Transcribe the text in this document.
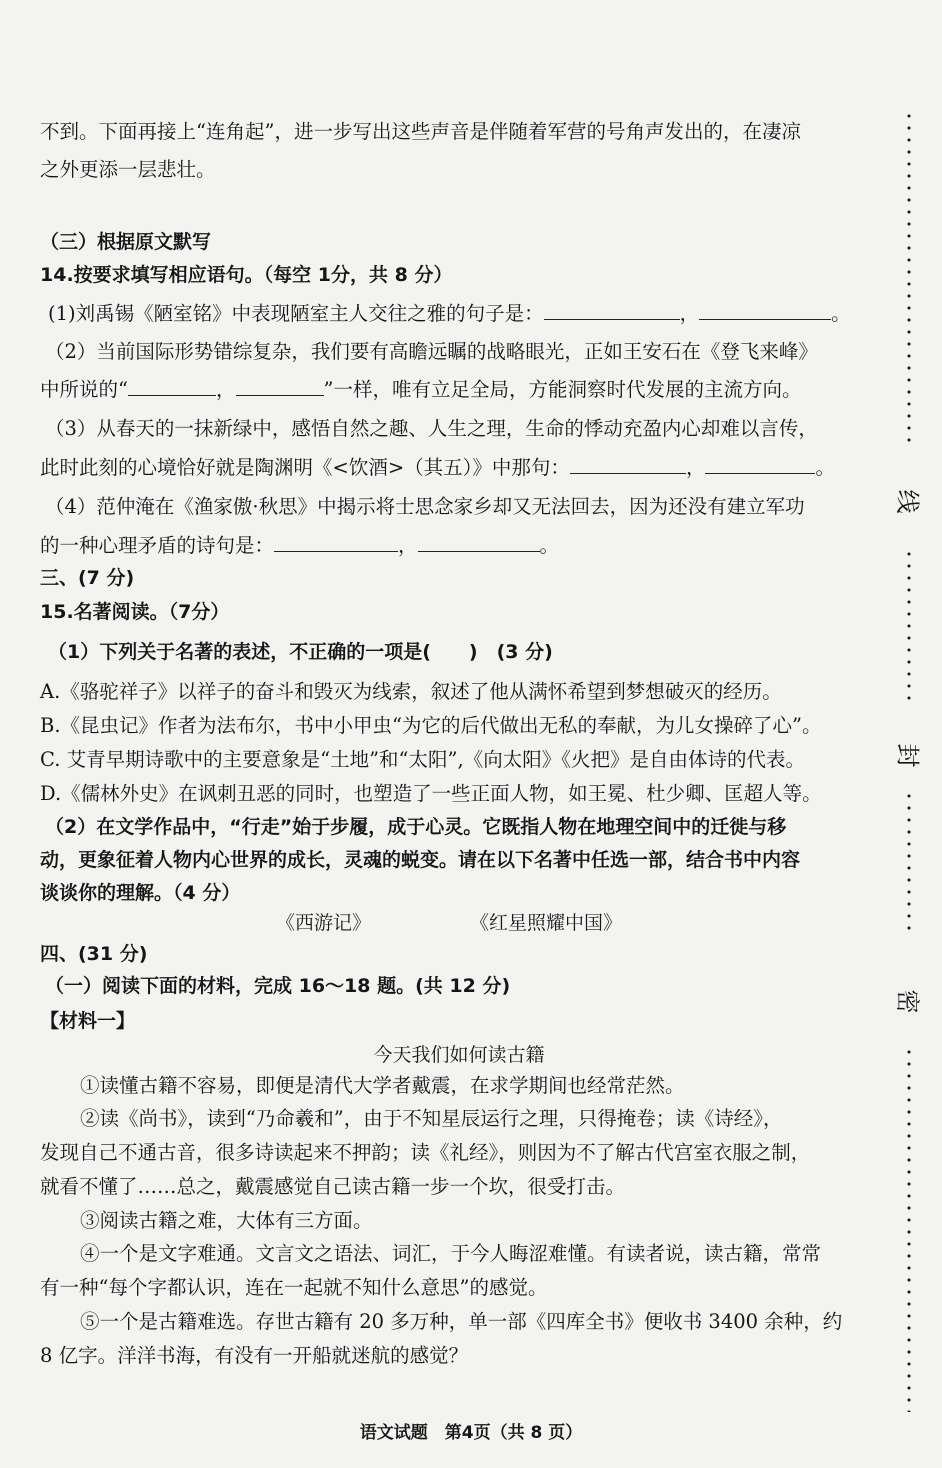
不到。下面再接上“连角起”，进一步写出这些声音是伴随着军营的号角声发出的，在凄凉
之外更添一层悲壮。
（三）根据原文默写
14.按要求填写相应语句。（每空 1分，共 8 分）
(1)刘禹锡《陋室铭》中表现陋室主人交往之雅的句子是：	，	。
（2）当前国际形势错综复杂，我们要有高瞻远瞩的战略眼光，正如王安石在《登飞来峰》
中所说的“	，	”一样，唯有立足全局，方能洞察时代发展的主流方向。
（3）从春天的一抹新绿中，感悟自然之趣、人生之理，生命的悸动充盈内心却难以言传，
此时此刻的心境恰好就是陶渊明《<饮酒>（其五）》中那句：	，	。
（4）范仲淹在《渔家傲·秋思》中揭示将士思念家乡却又无法回去，因为还没有建立军功
的一种心理矛盾的诗句是：	，	。
三、(7 分)
15.名著阅读。（7分）
（1）下列关于名著的表述，不正确的一项是(　　)　(3 分)
A.《骆驼祥子》以祥子的奋斗和毁灭为线索，叙述了他从满怀希望到梦想破灭的经历。
B.《昆虫记》作者为法布尔，书中小甲虫“为它的后代做出无私的奉献，为儿女操碎了心”。
C. 艾青早期诗歌中的主要意象是“土地”和“太阳”,《向太阳》《火把》是自由体诗的代表。
D.《儒林外史》在讽刺丑恶的同时，也塑造了一些正面人物，如王冕、杜少卿、匡超人等。
（2）在文学作品中，“行走”始于步履，成于心灵。它既指人物在地理空间中的迁徙与移
动，更象征着人物内心世界的成长，灵魂的蜕变。请在以下名著中任选一部，结合书中内容
谈谈你的理解。（4 分）
《西游记》	《红星照耀中国》
四、(31 分)
（一）阅读下面的材料，完成 16～18 题。(共 12 分)
【材料一】
今天我们如何读古籍
①读懂古籍不容易，即便是清代大学者戴震，在求学期间也经常茫然。
②读《尚书》，读到“乃命羲和”，由于不知星辰运行之理，只得掩卷；读《诗经》，
发现自己不通古音，很多诗读起来不押韵；读《礼经》，则因为不了解古代宫室衣服之制，
就看不懂了……总之，戴震感觉自己读古籍一步一个坎，很受打击。
③阅读古籍之难，大体有三方面。
④一个是文字难通。文言文之语法、词汇，于今人晦涩难懂。有读者说，读古籍，常常
有一种“每个字都认识，连在一起就不知什么意思”的感觉。
⑤一个是古籍难选。存世古籍有 20 多万种，单一部《四库全书》便收书 3400 余种，约
8 亿字。洋洋书海，有没有一开船就迷航的感觉？
线
封
密
语文试题　第4页（共 8 页）
